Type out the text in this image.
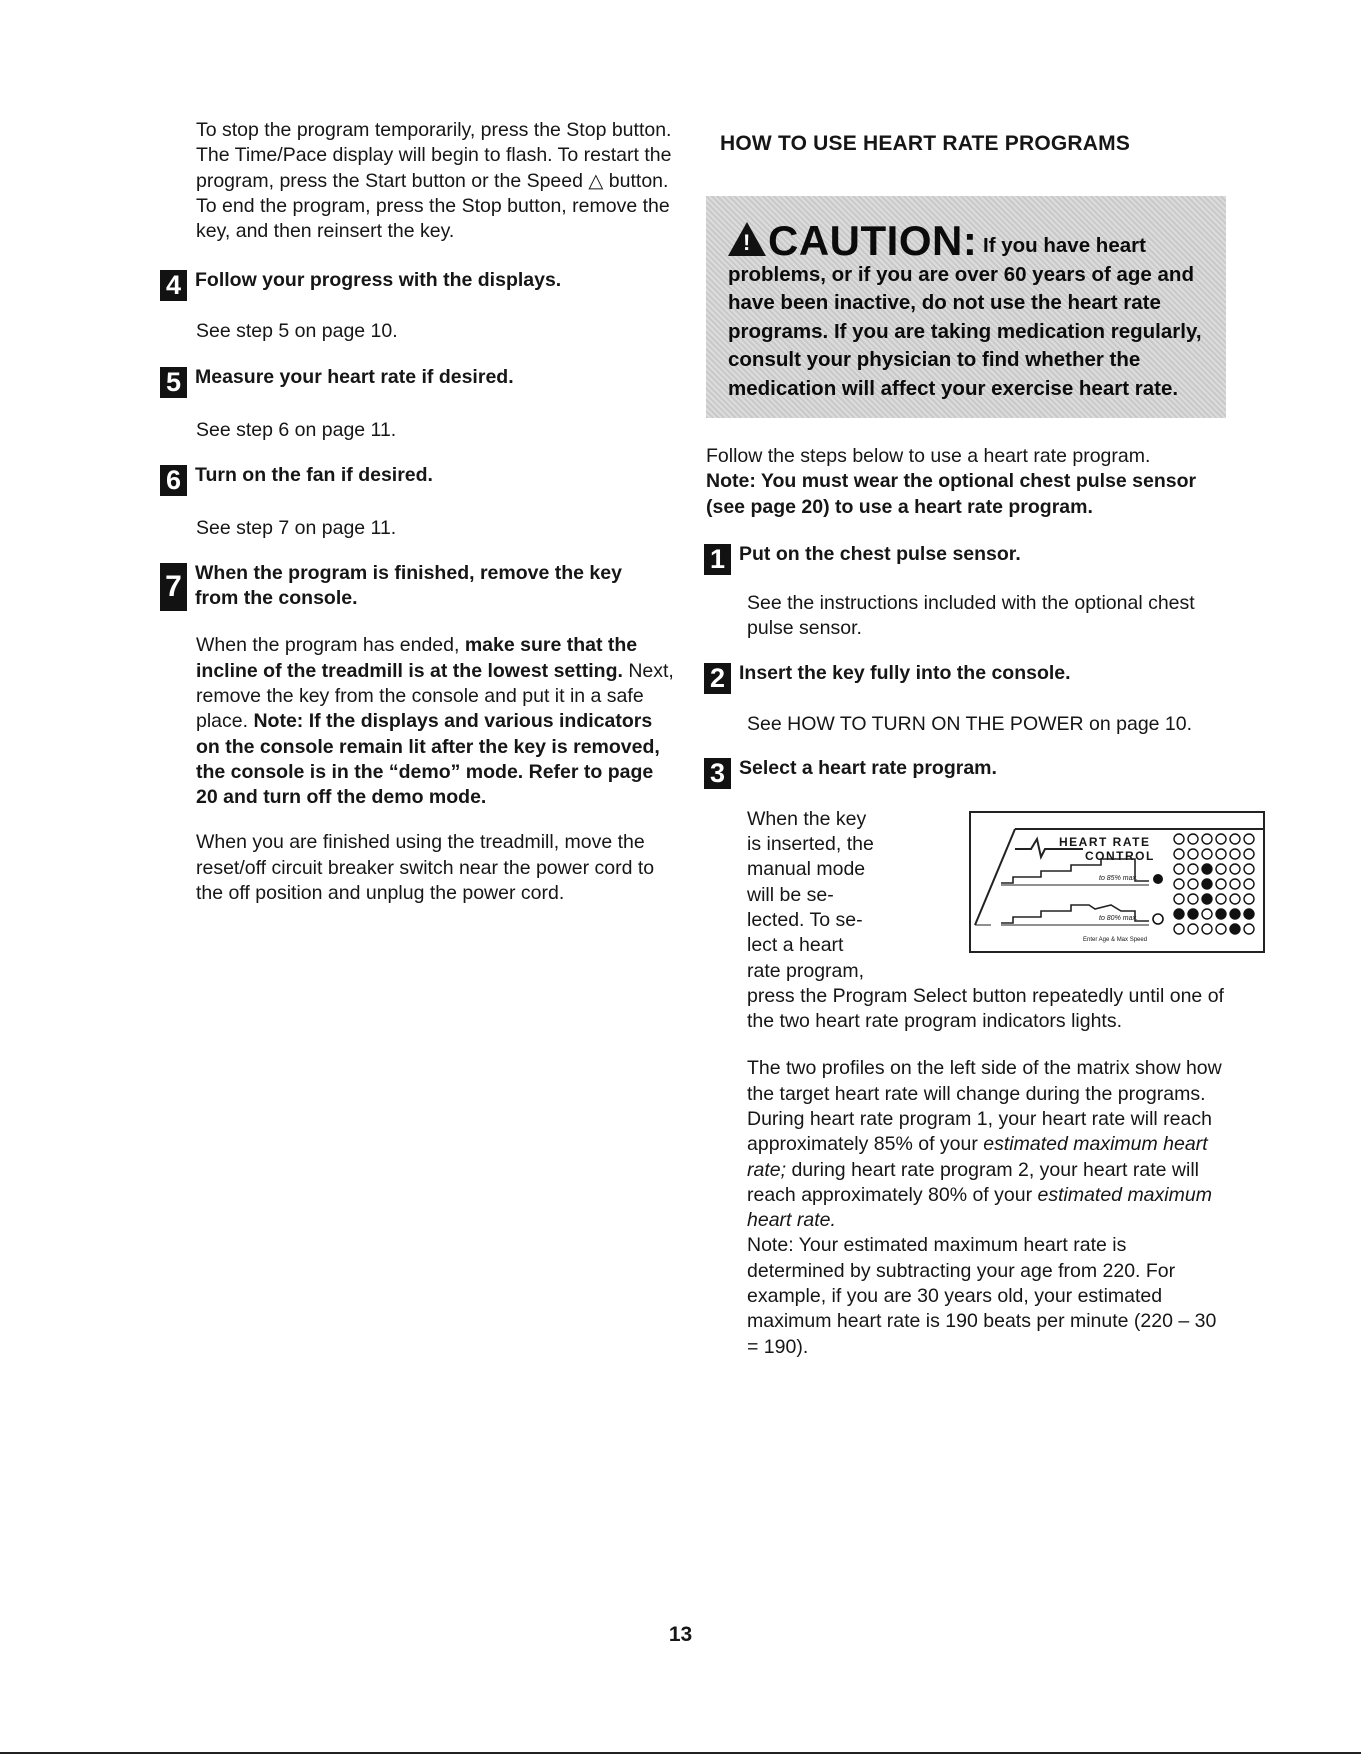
To stop the program temporarily, press the Stop button. The Time/Pace display will begin to flash. To restart the program, press the Start button or the Speed △ button. To end the program, press the Stop button, remove the key, and then reinsert the key.

4 Follow your progress with the displays.

See step 5 on page 10.

5 Measure your heart rate if desired.

See step 6 on page 11.

6 Turn on the fan if desired.

See step 7 on page 11.

7 When the program is finished, remove the key from the console.

When the program has ended, make sure that the incline of the treadmill is at the lowest setting. Next, remove the key from the console and put it in a safe place. Note: If the displays and various indicators on the console remain lit after the key is removed, the console is in the “demo” mode. Refer to page 20 and turn off the demo mode.

When you are finished using the treadmill, move the reset/off circuit breaker switch near the power cord to the off position and unplug the power cord.

HOW TO USE HEART RATE PROGRAMS
!CAUTION: If you have heart problems, or if you are over 60 years of age and have been inactive, do not use the heart rate programs. If you are taking medication regularly, consult your physician to find whether the medication will affect your exercise heart rate.

Follow the steps below to use a heart rate program.

Note: You must wear the optional chest pulse sensor (see page 20) to use a heart rate program.

1 Put on the chest pulse sensor.

See the instructions included with the optional chest pulse sensor.

2 Insert the key fully into the console.

See HOW TO TURN ON THE POWER on page 10.

3 Select a heart rate program.
When the key
is inserted, the
manual mode
will be se-
lected. To se-
lect a heart
rate program,
HEART RATE
CONTROL
to 85% max.
to 80% max.
Enter Age & Max Speed

press the Program Select button repeatedly until one of the two heart rate program indicators lights.

The two profiles on the left side of the matrix show how the target heart rate will change during the programs. During heart rate program 1, your heart rate will reach approximately 85% of your estimated maximum heart rate; during heart rate program 2, your heart rate will reach approximately 80% of your estimated maximum heart rate.
Note: Your estimated maximum heart rate is determined by subtracting your age from 220. For example, if you are 30 years old, your estimated maximum heart rate is 190 beats per minute (220 – 30 = 190).

13
